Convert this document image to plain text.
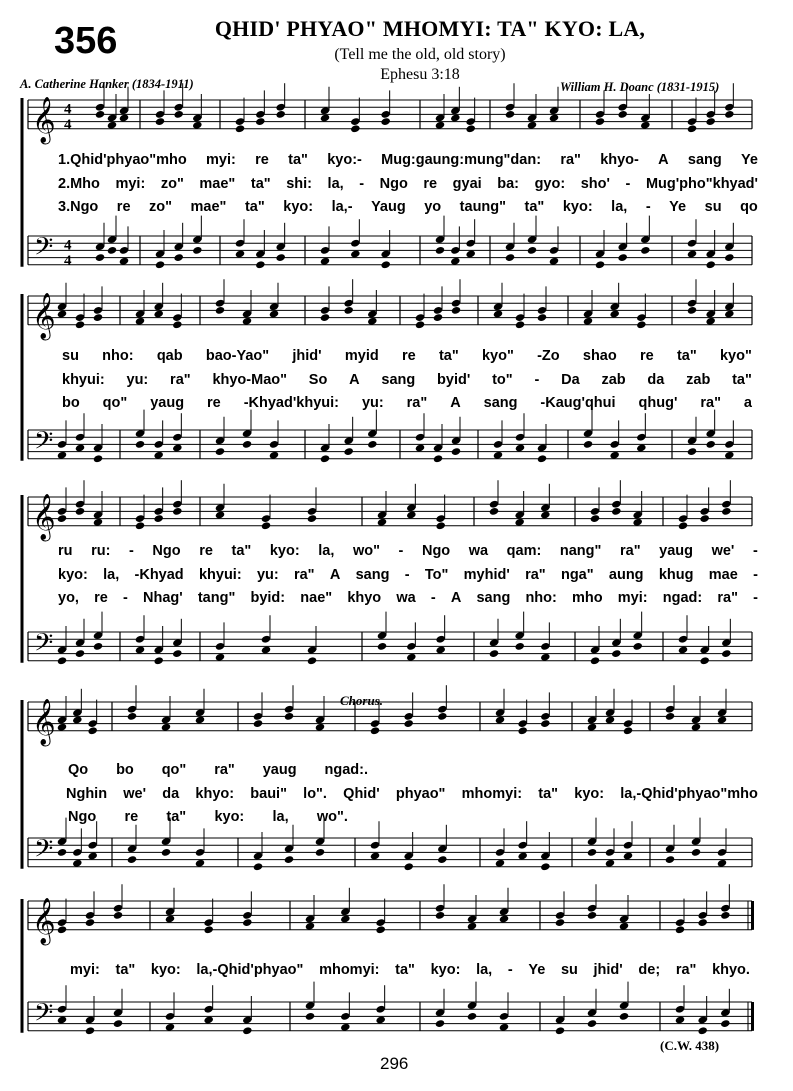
356	QHID' PHYAO" MHOMYI: TA" KYO: LA,
(Tell me the old, old story)
Ephesu 3:18
A. Catherine Hanker (1834-1911)	William H. Doanc (1831-1915)
𝄞
𝄢
4
4
4
4
𝄞
𝄢
𝄞
𝄢
𝄞
𝄢
𝄞
𝄢
1.Qhid'phyao"mho myi: re ta" kyo:- Mug:gaung:mung"dan: ra" khyo- A sang Ye
2.Mho myi: zo" mae" ta" shi: la, - Ngo re gyai ba: gyo: sho' - Mug'pho"khyad'
3.Ngo re zo" mae" ta" kyo: la,- Yaug yo taung" ta" kyo: la, - Ye su qo
su nho: qab bao-Yao" jhid' myid re ta" kyo" -Zo shao re ta" kyo"
khyui: yu: ra" khyo-Mao" So A sang byid' to" - Da zab da zab ta"
bo qo" yaug re -Khyad'khyui: yu: ra" A sang -Kaug'qhui qhug' ra" a
ru ru: - Ngo re ta" kyo: la, wo" - Ngo wa qam: nang" ra" yaug we' -
kyo: la, -Khyad khyui: yu: ra" A sang - To" myhid' ra" nga" aung khug mae -
yo, re - Nhag' tang" byid: nae" khyo wa - A sang nho: mho myi: ngad: ra" -
Chorus.
Qo bo qo" ra" yaug ngad:.
Nghin we' da khyo: baui" lo". Qhid' phyao" mhomyi: ta" kyo: la,-Qhid'phyao"mho
Ngo re ta" kyo: la, wo".
myi: ta" kyo: la,-Qhid'phyao" mhomyi: ta" kyo: la, - Ye su jhid' de; ra" khyo.
296
(C.W. 438)
